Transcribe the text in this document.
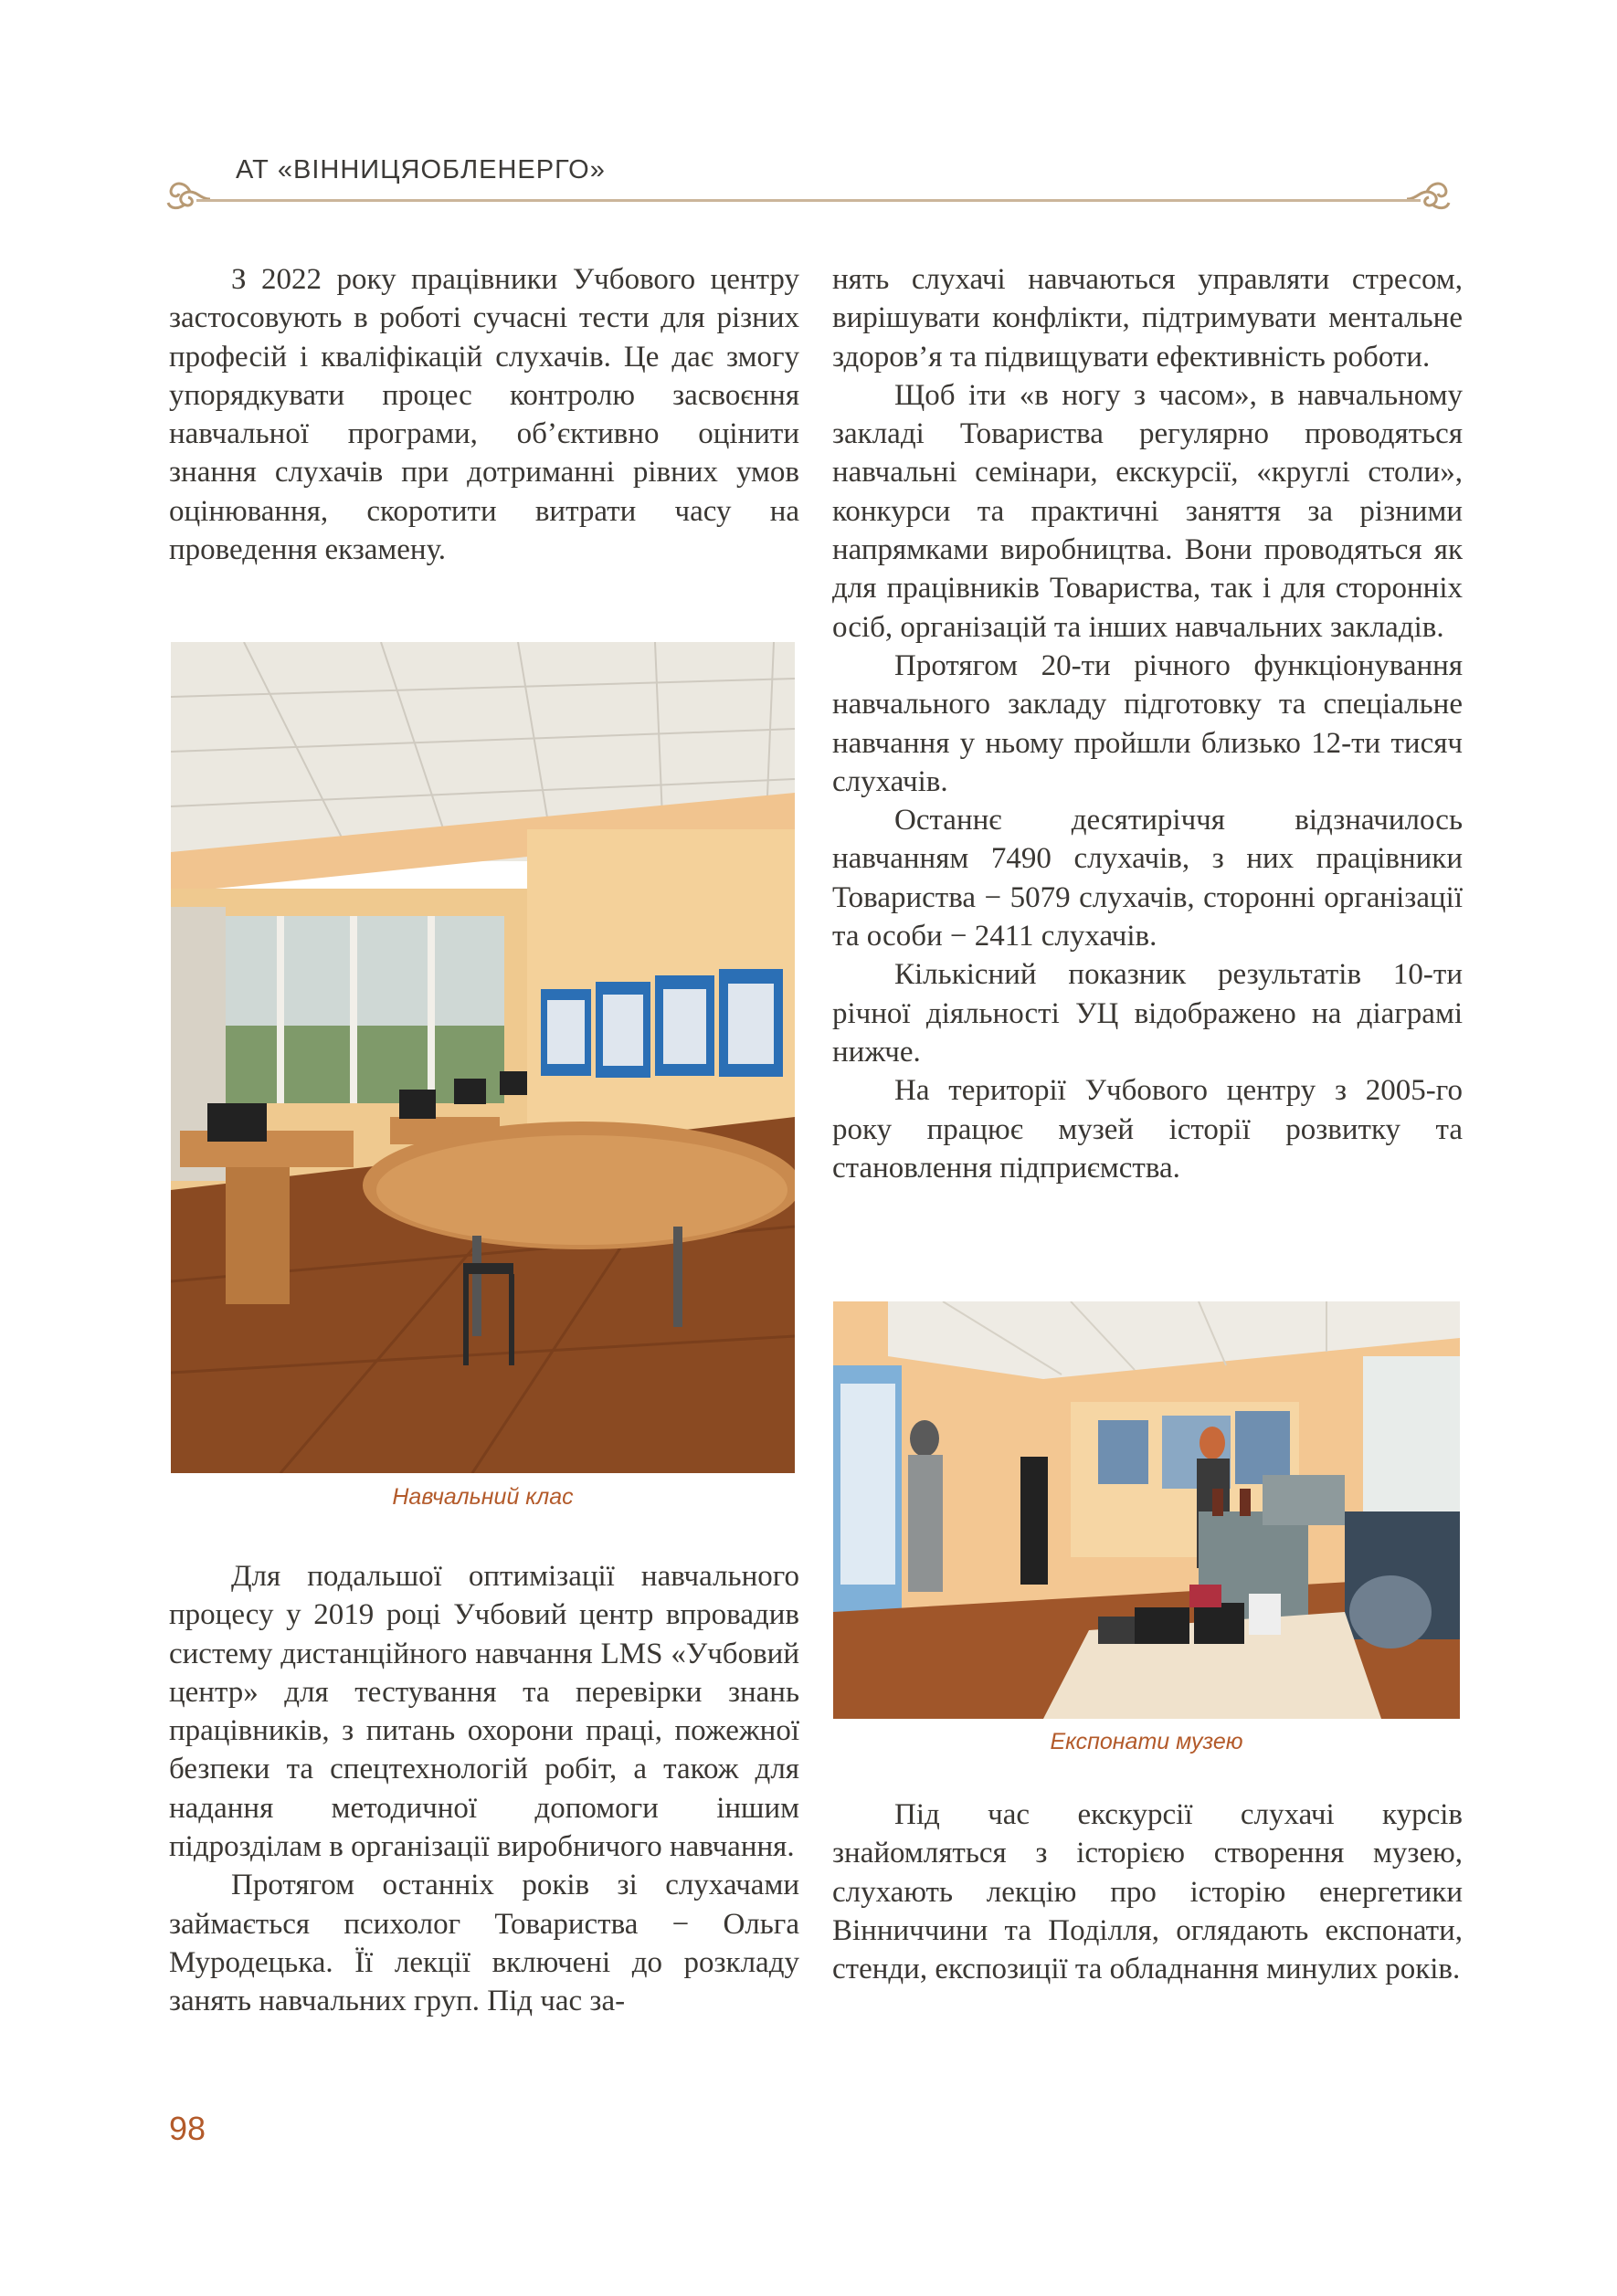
АТ «ВІННИЦЯОБЛЕНЕРГО»

З 2022 року працівники Учбового центру застосовують в роботі сучасні тести для різних професій і кваліфікацій слухачів. Це дає змогу упорядкувати процес контролю засвоєння навчальної програми, об’єктивно оцінити знання слухачів при дотриманні рівних умов оцінювання, скоротити витрати часу на проведення екзамену.

Навчальний клас

Для подальшої оптимізації навчального процесу у 2019 році Учбовий центр впровадив систему дистанційного навчання LMS «Учбовий центр» для тестування та перевірки знань працівників, з питань охорони праці, пожежної безпеки та спецтехнологій робіт, а також для надання методичної допомоги іншим підрозділам в організації виробничого навчання.

Протягом останніх років зі слухачами займається психолог Товариства − Ольга Муродецька. Її лекції включені до розкладу занять навчальних груп. Під час за-

нять слухачі навчаються управляти стресом, вирішувати конфлікти, підтримувати ментальне здоров’я та підвищувати ефективність роботи.

Щоб іти «в ногу з часом», в навчальному закладі Товариства регулярно проводяться навчальні семінари, екскурсії, «круглі столи», конкурси та практичні заняття за різними напрямками виробництва. Вони проводяться як для працівників Товариства, так і для сторонніх осіб, організацій та інших навчальних закладів.

Протягом 20-ти річного функціонування навчального закладу підготовку та спеціальне навчання у ньому пройшли близько 12-ти тисяч слухачів.

Останнє десятиріччя відзначилось навчанням 7490 слухачів, з них працівники Товариства − 5079 слухачів, сторонні організації та особи − 2411 слухачів.

Кількісний показник результатів 10-ти річної діяльності УЦ відображено на діаграмі нижче.

На території Учбового центру з 2005-го року працює музей історії розвитку та становлення підприємства.

Експонати музею

Під час екскурсії слухачі курсів знайомляться з історією створення музею, слухають лекцію про історію енергетики Вінниччини та Поділля, оглядають експонати, стенди, експозиції та обладнання минулих років.

98
